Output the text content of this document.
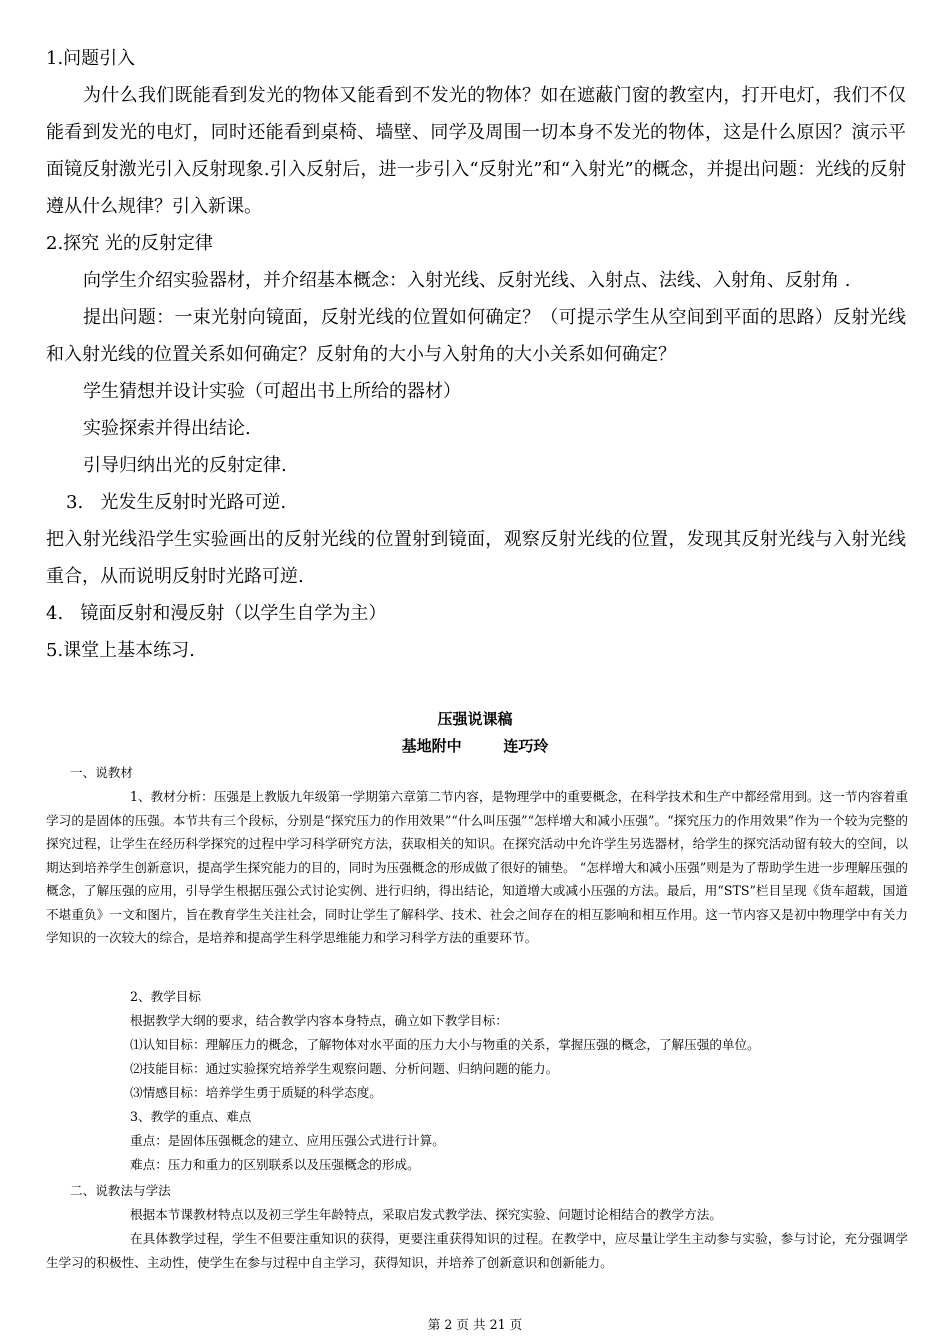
1.问题引入
为什么我们既能看到发光的物体又能看到不发光的物体？如在遮蔽门窗的教室内，打开电灯，我们不仅能看到发光的电灯，同时还能看到桌椅、墙壁、同学及周围一切本身不发光的物体，这是什么原因？演示平面镜反射激光引入反射现象.引入反射后，进一步引入“反射光”和“入射光”的概念，并提出问题：光线的反射遵从什么规律？引入新课。
2.探究 光的反射定律
向学生介绍实验器材，并介绍基本概念：入射光线、反射光线、入射点、法线、入射角、反射角 .
提出问题：一束光射向镜面，反射光线的位置如何确定？（可提示学生从空间到平面的思路）反射光线和入射光线的位置关系如何确定？反射角的大小与入射角的大小关系如何确定？
学生猜想并设计实验（可超出书上所给的器材）
实验探索并得出结论.
引导归纳出光的反射定律.
3.   光发生反射时光路可逆.
把入射光线沿学生实验画出的反射光线的位置射到镜面，观察反射光线的位置，发现其反射光线与入射光线重合，从而说明反射时光路可逆.
4.   镜面反射和漫反射（以学生自学为主）
5.课堂上基本练习.
压强说课稿
基地附中        连巧玲
一、说教材
1、教材分析：压强是上教版九年级第一学期第六章第二节内容，是物理学中的重要概念，在科学技术和生产中都经常用到。这一节内容着重学习的是固体的压强。本节共有三个段标，分别是“探究压力的作用效果”“什么叫压强”“怎样增大和减小压强”。“探究压力的作用效果”作为一个较为完整的探究过程，让学生在经历科学探究的过程中学习科学研究方法，获取相关的知识。在探究活动中允许学生另选器材，给学生的探究活动留有较大的空间，以期达到培养学生创新意识，提高学生探究能力的目的，同时为压强概念的形成做了很好的铺垫。 “怎样增大和减小压强”则是为了帮助学生进一步理解压强的概念，了解压强的应用，引导学生根据压强公式讨论实例、进行归纳，得出结论，知道增大或减小压强的方法。最后，用“STS”栏目呈现《货车超载，国道不堪重负》一文和图片，旨在教育学生关注社会，同时让学生了解科学、技术、社会之间存在的相互影响和相互作用。这一节内容又是初中物理学中有关力学知识的一次较大的综合，是培养和提高学生科学思维能力和学习科学方法的重要环节。
2、教学目标
根据教学大纲的要求，结合教学内容本身特点，确立如下教学目标：
⑴认知目标：理解压力的概念，了解物体对水平面的压力大小与物重的关系，掌握压强的概念，了解压强的单位。
⑵技能目标：通过实验探究培养学生观察问题、分析问题、归纳问题的能力。
⑶情感目标：培养学生勇于质疑的科学态度。
3、教学的重点、难点
重点：是固体压强概念的建立、应用压强公式进行计算。
难点：压力和重力的区别联系以及压强概念的形成。
二、说教法与学法
根据本节课教材特点以及初三学生年龄特点，采取启发式教学法、探究实验、问题讨论相结合的教学方法。
在具体教学过程，学生不但要注重知识的获得，更要注重获得知识的过程。在教学中，应尽量让学生主动参与实验，参与讨论，充分强调学生学习的积极性、主动性，使学生在参与过程中自主学习，获得知识，并培养了创新意识和创新能力。
第 2 页 共 21 页
